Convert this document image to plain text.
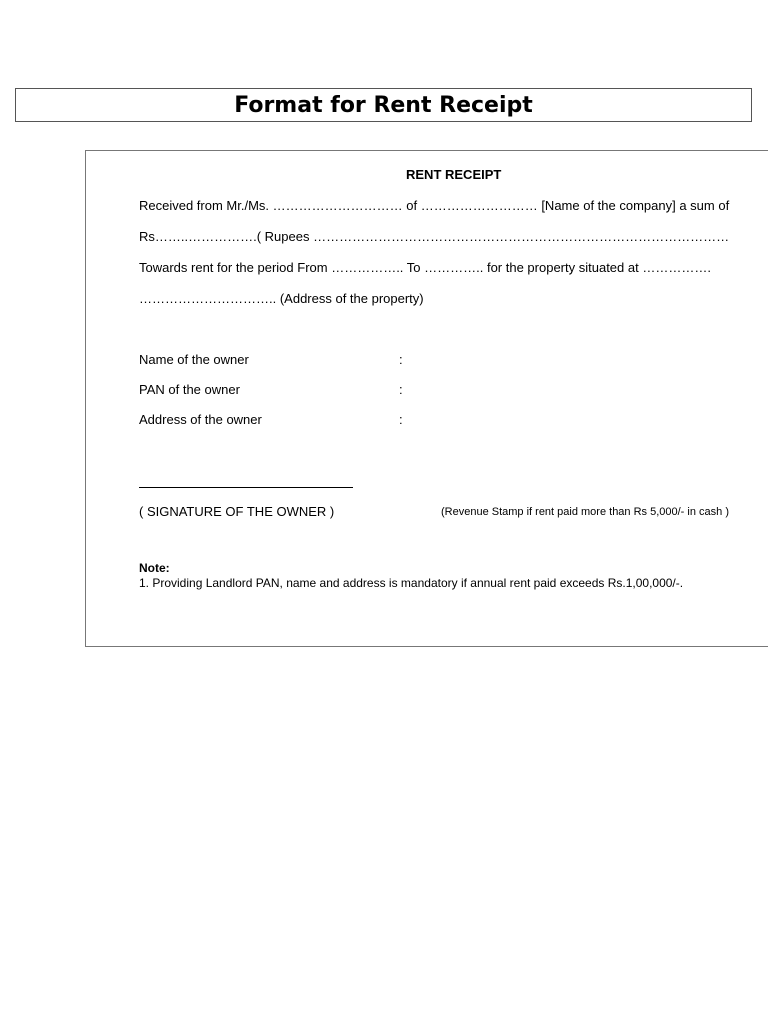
Format for Rent Receipt
RENT RECEIPT
Received from Mr./Ms. ………………………… of ……………………… [Name of the company] a sum of
Rs……..…………….( Rupees ……………………………………………………………………………………
Towards rent for the period From …………….. To ………….. for the property situated at …………….
………………………….. (Address of the property)
Name of the owner	:
PAN of the owner	:
Address of the owner	:
( SIGNATURE OF THE OWNER )	(Revenue Stamp if rent paid more than Rs 5,000/- in cash )
Note:
1. Providing Landlord PAN, name and address is mandatory if annual rent paid exceeds Rs.1,00,000/-.
